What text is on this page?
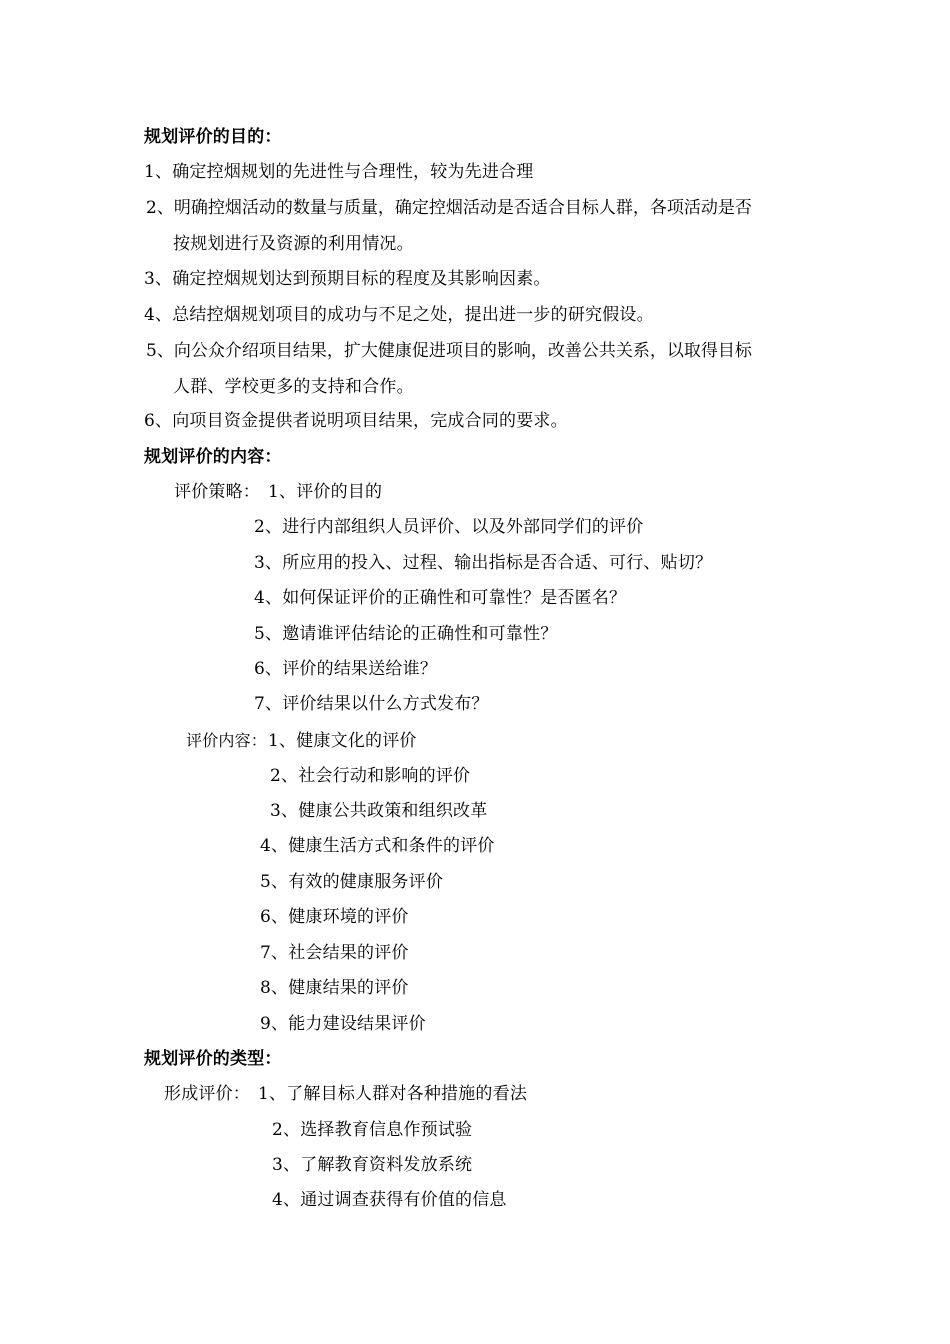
规划评价的目的：
1、确定控烟规划的先进性与合理性，较为先进合理
2、明确控烟活动的数量与质量，确定控烟活动是否适合目标人群，各项活动是否
按规划进行及资源的利用情况。
3、确定控烟规划达到预期目标的程度及其影响因素。
4、总结控烟规划项目的成功与不足之处，提出进一步的研究假设。
5、向公众介绍项目结果，扩大健康促进项目的影响，改善公共关系，以取得目标
人群、学校更多的支持和合作。
6、向项目资金提供者说明项目结果，完成合同的要求。
规划评价的内容：
评价策略： 1、评价的目的
2、进行内部组织人员评价、以及外部同学们的评价
3、所应用的投入、过程、输出指标是否合适、可行、贴切？
4、如何保证评价的正确性和可靠性？是否匿名？
5、邀请谁评估结论的正确性和可靠性？
6、评价的结果送给谁？
7、评价结果以什么方式发布？
评价内容： 1、健康文化的评价
2、社会行动和影响的评价
3、健康公共政策和组织改革
4、健康生活方式和条件的评价
5、有效的健康服务评价
6、健康环境的评价
7、社会结果的评价
8、健康结果的评价
9、能力建设结果评价
规划评价的类型：
形成评价： 1、了解目标人群对各种措施的看法
2、选择教育信息作预试验
3、了解教育资料发放系统
4、通过调查获得有价值的信息
